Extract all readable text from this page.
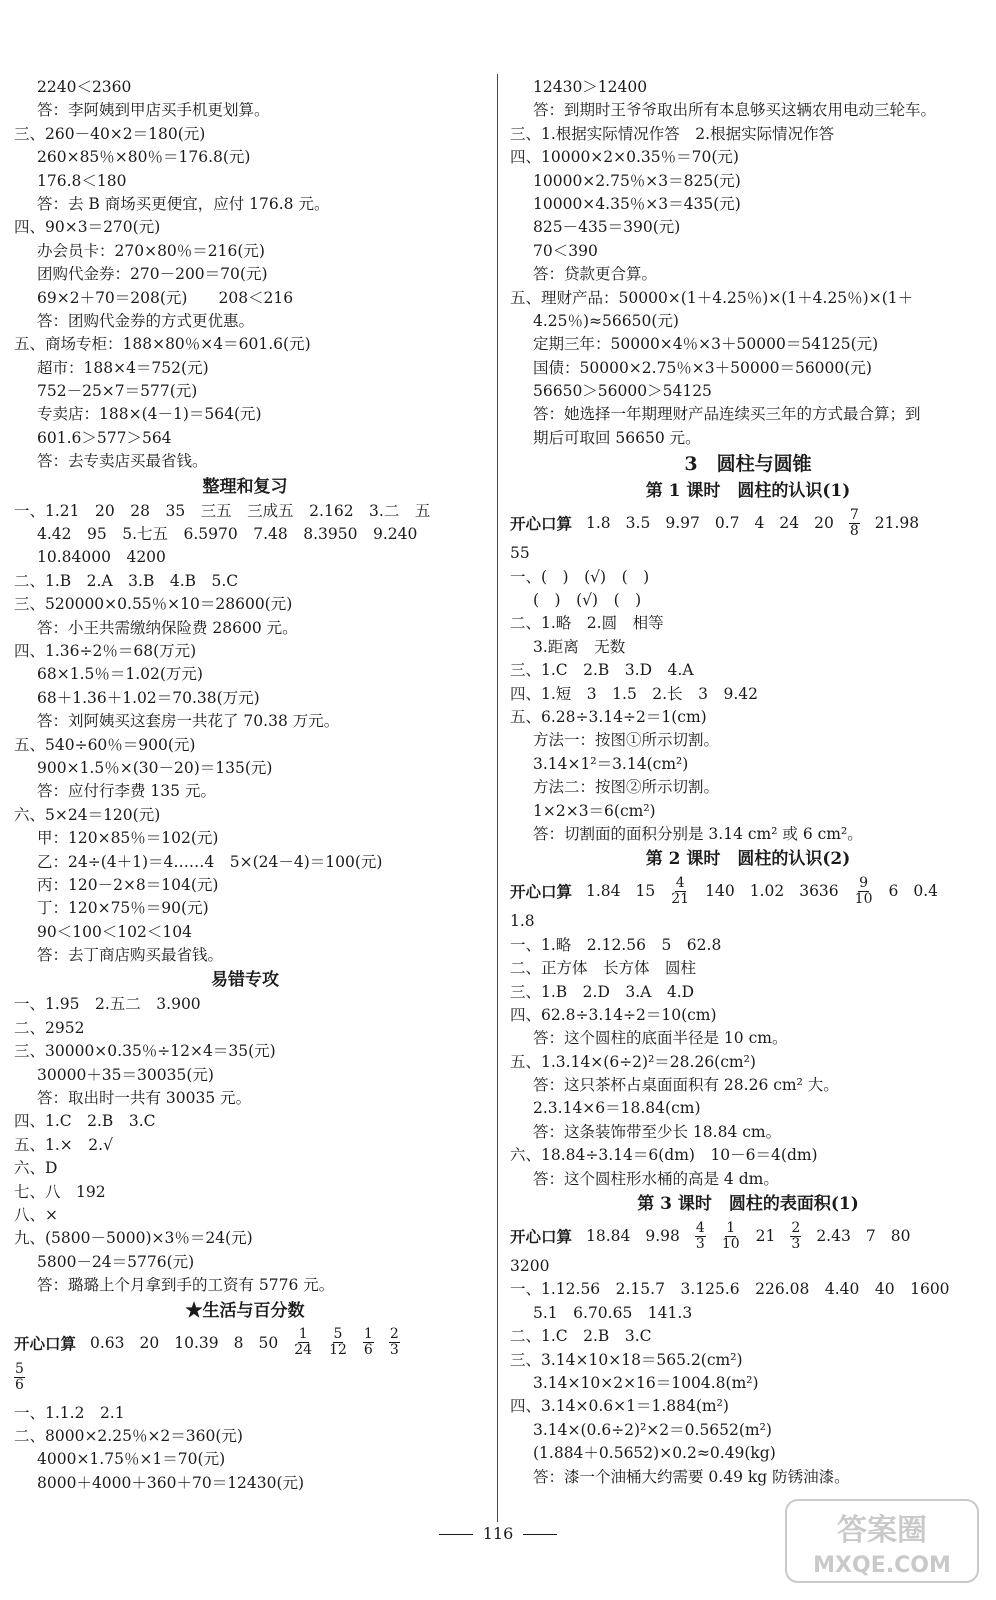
2240＜2360
答：李阿姨到甲店买手机更划算。
三、260－40×2＝180(元)
260×85％×80％＝176.8(元)
176.8＜180
答：去 B 商场买更便宜，应付 176.8 元。
四、90×3＝270(元)
办会员卡：270×80％＝216(元)
团购代金券：270－200＝70(元)
69×2＋70＝208(元)　　208＜216
答：团购代金券的方式更优惠。
五、商场专柜：188×80％×4＝601.6(元)
超市：188×4＝752(元)
752－25×7＝577(元)
专卖店：188×(4－1)＝564(元)
601.6＞577＞564
答：去专卖店买最省钱。
整理和复习
一、1.21　20　28　35　三五　三成五　2.162　3.二　五
4.42　95　5.七五　6.5970　7.48　8.3950　9.240
10.84000　4200
二、1.B　2.A　3.B　4.B　5.C
三、520000×0.55％×10＝28600(元)
答：小王共需缴纳保险费 28600 元。
四、1.36÷2％＝68(万元)
68×1.5％＝1.02(万元)
68＋1.36＋1.02＝70.38(万元)
答：刘阿姨买这套房一共花了 70.38 万元。
五、540÷60％＝900(元)
900×1.5％×(30－20)＝135(元)
答：应付行李费 135 元。
六、5×24＝120(元)
甲：120×85％＝102(元)
乙：24÷(4＋1)＝4……4　5×(24－4)＝100(元)
丙：120－2×8＝104(元)
丁：120×75％＝90(元)
90＜100＜102＜104
答：去丁商店购买最省钱。
易错专攻
一、1.95　2.五二　3.900
二、2952
三、30000×0.35％÷12×4＝35(元)
30000＋35＝30035(元)
答：取出时一共有 30035 元。
四、1.C　2.B　3.C
五、1.×　2.√
六、D
七、八　192
八、×
九、(5800－5000)×3％＝24(元)
5800－24＝5776(元)
答：璐璐上个月拿到手的工资有 5776 元。
★生活与百分数
开心口算 0.63 20 10.39 8 $50 \frac{1}{24} \frac{5}{12} \frac{1}{6} \frac{2}{3}$
$\frac{5}{6}$
一、1.1.2　2.1
二、8000×2.25％×2＝360(元)
4000×1.75％×1＝70(元)
8000＋4000＋360＋70＝12430(元)
12430＞12400
答：到期时王爷爷取出所有本息够买这辆农用电动三轮车。
三、1.根据实际情况作答　2.根据实际情况作答
四、10000×2×0.35％＝70(元)
10000×2.75％×3＝825(元)
10000×4.35％×3＝435(元)
825－435＝390(元)
70＜390
答：贷款更合算。
五、理财产品：50000×(1＋4.25％)×(1＋4.25％)×(1＋
4.25％)≈56650(元)
定期三年：50000×4％×3＋50000＝54125(元)
国债：50000×2.75％×3＋50000＝56000(元)
56650＞56000＞54125
答：她选择一年期理财产品连续买三年的方式最合算；到
期后可取回 56650 元。
3　圆柱与圆锥
第 1 课时　圆柱的认识(1)
开心口算 1.8 3.5 9.97 0.7 4 24 $20 \frac{7}{8} 21.98$
55
一、(　)　(√)　(　)
(　)　(√)　(　)
二、1.略　2.圆　相等
3.距离　无数
三、1.C　2.B　3.D　4.A
四、1.短　3　1.5　2.长　3　9.42
五、6.28÷3.14÷2＝1(cm)
方法一：按图①所示切割。
3.14×1²＝3.14(cm²)
方法二：按图②所示切割。
1×2×3＝6(cm²)
答：切割面的面积分别是 3.14 cm² 或 6 cm²。
第 2 课时　圆柱的认识(2)
开心口算 1.84 $15 \frac{4}{21} 140$ 1.02 $3636 \frac{9}{10} 6$ 0.4
1.8
一、1.略　2.12.56　5　62.8
二、正方体　长方体　圆柱
三、1.B　2.D　3.A　4.D
四、62.8÷3.14÷2＝10(cm)
答：这个圆柱的底面半径是 10 cm。
五、1.3.14×(6÷2)²＝28.26(cm²)
答：这只茶杯占桌面面积有 28.26 cm² 大。
2.3.14×6＝18.84(cm)
答：这条装饰带至少长 18.84 cm。
六、18.84÷3.14＝6(dm)　10－6＝4(dm)
答：这个圆柱形水桶的高是 4 dm。
第 3 课时　圆柱的表面积(1)
开心口算 18.84 $9.98 \frac{4}{3} \frac{1}{10} 21 \frac{2}{3} 2.43$ 7 80
3200
一、1.12.56　2.15.7　3.125.6　226.08　4.40　40　1600
5.1　6.70.65　141.3
二、1.C　2.B　3.C
三、3.14×10×18＝565.2(cm²)
3.14×10×2×16＝1004.8(m²)
四、3.14×0.6×1＝1.884(m²)
3.14×(0.6÷2)²×2＝0.5652(m²)
(1.884＋0.5652)×0.2≈0.49(kg)
答：漆一个油桶大约需要 0.49 kg 防锈油漆。
116	答案圈
MXQE.COM
